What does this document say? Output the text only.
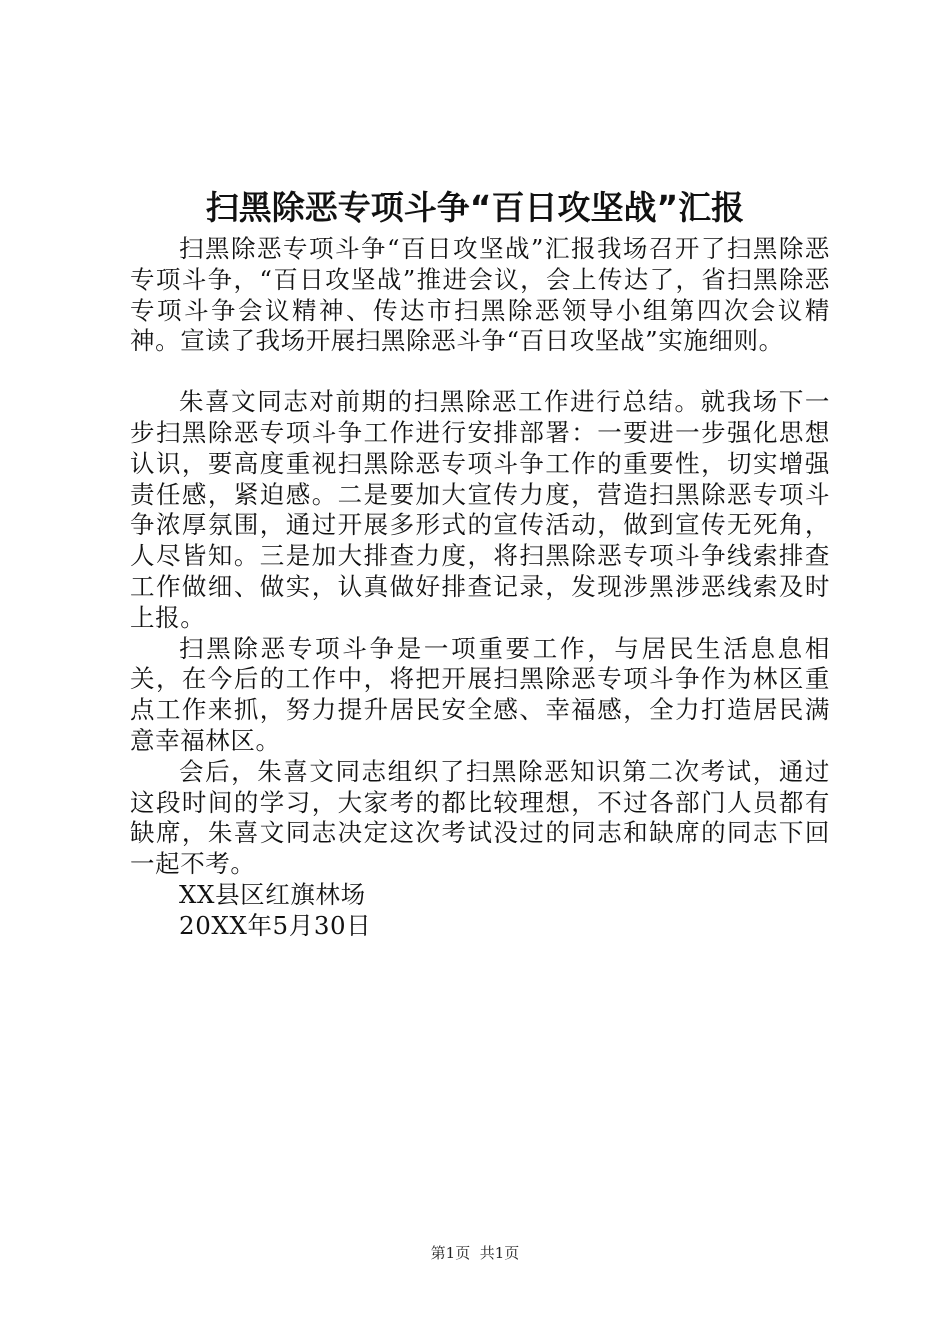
扫黑除恶专项斗争“百日攻坚战”汇报

扫黑除恶专项斗争“百日攻坚战”汇报我场召开了扫黑除恶专项斗争，“百日攻坚战”推进会议，会上传达了，省扫黑除恶专项斗争会议精神、传达市扫黑除恶领导小组第四次会议精神。宣读了我场开展扫黑除恶斗争“百日攻坚战”实施细则。

朱喜文同志对前期的扫黑除恶工作进行总结。就我场下一步扫黑除恶专项斗争工作进行安排部署：一要进一步强化思想认识，要高度重视扫黑除恶专项斗争工作的重要性，切实增强责任感，紧迫感。二是要加大宣传力度，营造扫黑除恶专项斗争浓厚氛围，通过开展多形式的宣传活动，做到宣传无死角，人尽皆知。三是加大排查力度，将扫黑除恶专项斗争线索排查工作做细、做实，认真做好排查记录，发现涉黑涉恶线索及时上报。

扫黑除恶专项斗争是一项重要工作，与居民生活息息相关，在今后的工作中，将把开展扫黑除恶专项斗争作为林区重点工作来抓，努力提升居民安全感、幸福感，全力打造居民满意幸福林区。

会后，朱喜文同志组织了扫黑除恶知识第二次考试，通过这段时间的学习，大家考的都比较理想，不过各部门人员都有缺席，朱喜文同志决定这次考试没过的同志和缺席的同志下回一起不考。

XX县区红旗林场

20XX年5月30日

第1页 共1页
